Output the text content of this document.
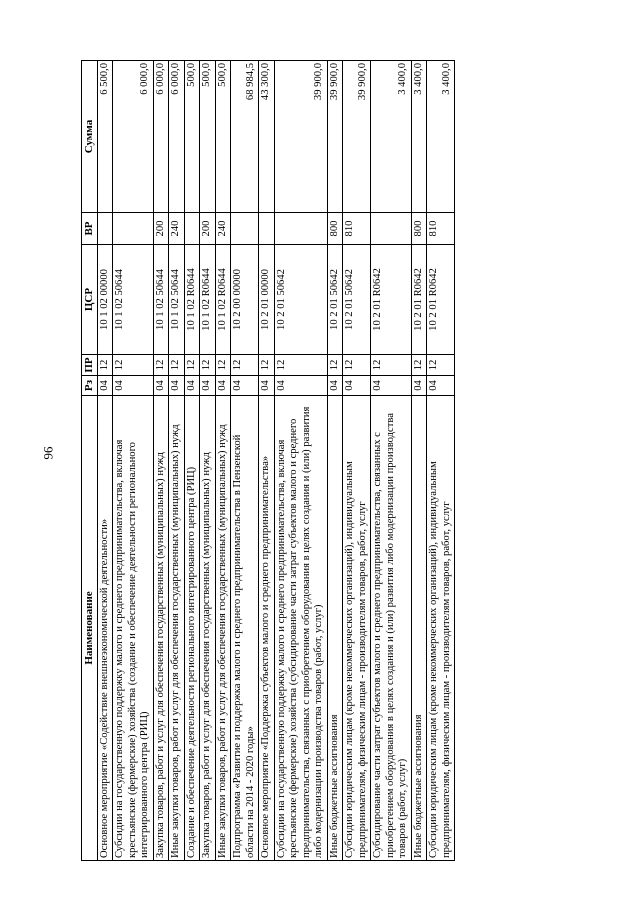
96
Наименование	Рз	ПР	ЦСР	ВР	Сумма
Основное мероприятие «Содействие внешнеэкономической деятельности»	04	12	10 1 02 00000		6 500,0
Субсидии на государственную поддержку малого и среднего предпринимательства, включая крестьянские (фермерские) хозяйства (создание и обеспечение деятельности регионального интегрированного центра (РИЦ)	04	12	10 1 02 50644		6 000,0
Закупка товаров, работ и услуг для обеспечения государственных (муниципальных) нужд	04	12	10 1 02 50644	200	6 000,0
Иные закупки товаров, работ и услуг для обеспечения государственных (муниципальных) нужд	04	12	10 1 02 50644	240	6 000,0
Создание и обеспечение деятельности регионального интегрированного центра (РИЦ)	04	12	10 1 02 R0644		500,0
Закупка товаров, работ и услуг для обеспечения государственных (муниципальных) нужд	04	12	10 1 02 R0644	200	500,0
Иные закупки товаров, работ и услуг для обеспечения государственных (муниципальных) нужд	04	12	10 1 02 R0644	240	500,0
Подпрограмма «Развитие и поддержка малого и среднего предпринимательства в Пензенской области на 2014 - 2020 годы»	04	12	10 2 00 00000		68 984,5
Основное мероприятие «Поддержка субъектов малого и среднего предпринимательства»	04	12	10 2 01 00000		43 300,0
Субсидии на государственную поддержку малого и среднего предпринимательства, включая крестьянские (фермерские) хозяйства (субсидирование части затрат субъектов малого и среднего предпринимательства, связанных с приобретением оборудования в целях создания и (или) развития либо модернизации производства товаров (работ, услуг)	04	12	10 2 01 50642		39 900,0
Иные бюджетные ассигнования	04	12	10 2 01 50642	800	39 900,0
Субсидии юридическим лицам (кроме некоммерческих организаций), индивидуальным предпринимателям, физическим лицам - производителям товаров, работ, услуг	04	12	10 2 01 50642	810	39 900,0
Субсидирование части затрат субъектов малого и среднего предпринимательства, связанных с приобретением оборудования в целях создания и (или) развития либо модернизации производства товаров (работ, услуг)	04	12	10 2 01 R0642		3 400,0
Иные бюджетные ассигнования	04	12	10 2 01 R0642	800	3 400,0
Субсидии юридическим лицам (кроме некоммерческих организаций), индивидуальным предпринимателям, физическим лицам - производителям товаров, работ, услуг	04	12	10 2 01 R0642	810	3 400,0
